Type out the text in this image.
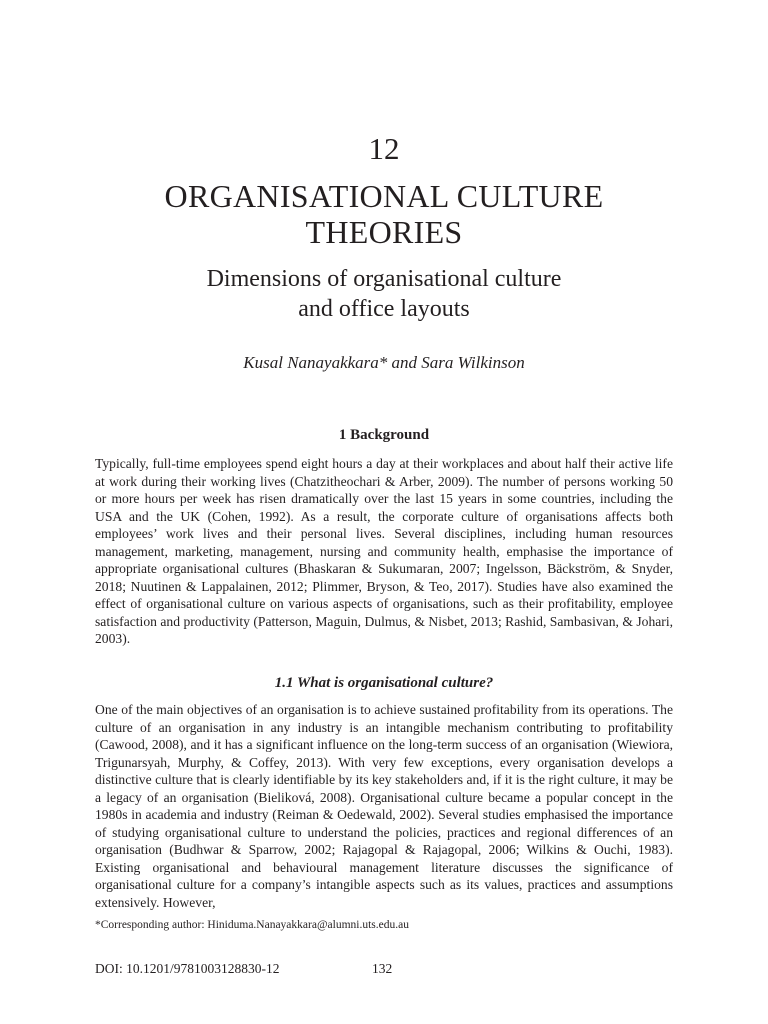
12
ORGANISATIONAL CULTURE
THEORIES
Dimensions of organisational culture
and office layouts
Kusal Nanayakkara* and Sara Wilkinson
1 Background

Typically, full-time employees spend eight hours a day at their workplaces and about half their active life at work during their working lives (Chatzitheochari & Arber, 2009). The number of persons working 50 or more hours per week has risen dramatically over the last 15 years in some countries, including the USA and the UK (Cohen, 1992). As a result, the corporate culture of organisations affects both employees’ work lives and their personal lives. Several disciplines, including human resources management, marketing, management, nursing and community health, emphasise the importance of appropriate organisational cultures (Bhaskaran & Sukumaran, 2007; Ingelsson, Bäckström, & Snyder, 2018; Nuutinen & Lappalainen, 2012; Plimmer, Bryson, & Teo, 2017). Studies have also examined the effect of organisational culture on various aspects of organisations, such as their profitability, employee satisfaction and productivity (Patterson, Maguin, Dulmus, & Nisbet, 2013; Rashid, Sambasivan, & Johari, 2003).

1.1 What is organisational culture?

One of the main objectives of an organisation is to achieve sustained profitability from its operations. The culture of an organisation in any industry is an intangible mechanism contributing to profitability (Cawood, 2008), and it has a significant influence on the long-term success of an organisation (Wiewiora, Trigunarsyah, Murphy, & Coffey, 2013). With very few exceptions, every organisation develops a distinctive culture that is clearly identifiable by its key stakeholders and, if it is the right culture, it may be a legacy of an organisation (Bieliková, 2008). Organisational culture became a popular concept in the 1980s in academia and industry (Reiman & Oedewald, 2002). Several studies emphasised the importance of studying organisational culture to understand the policies, practices and regional differences of an organisation (Budhwar & Sparrow, 2002; Rajagopal & Rajagopal, 2006; Wilkins & Ouchi, 1983). Existing organisational and behavioural management literature discusses the significance of organisational culture for a company’s intangible aspects such as its values, practices and assumptions extensively. However,

*Corresponding author: Hiniduma.Nanayakkara@alumni.uts.edu.au
DOI: 10.1201/9781003128830-12	132
